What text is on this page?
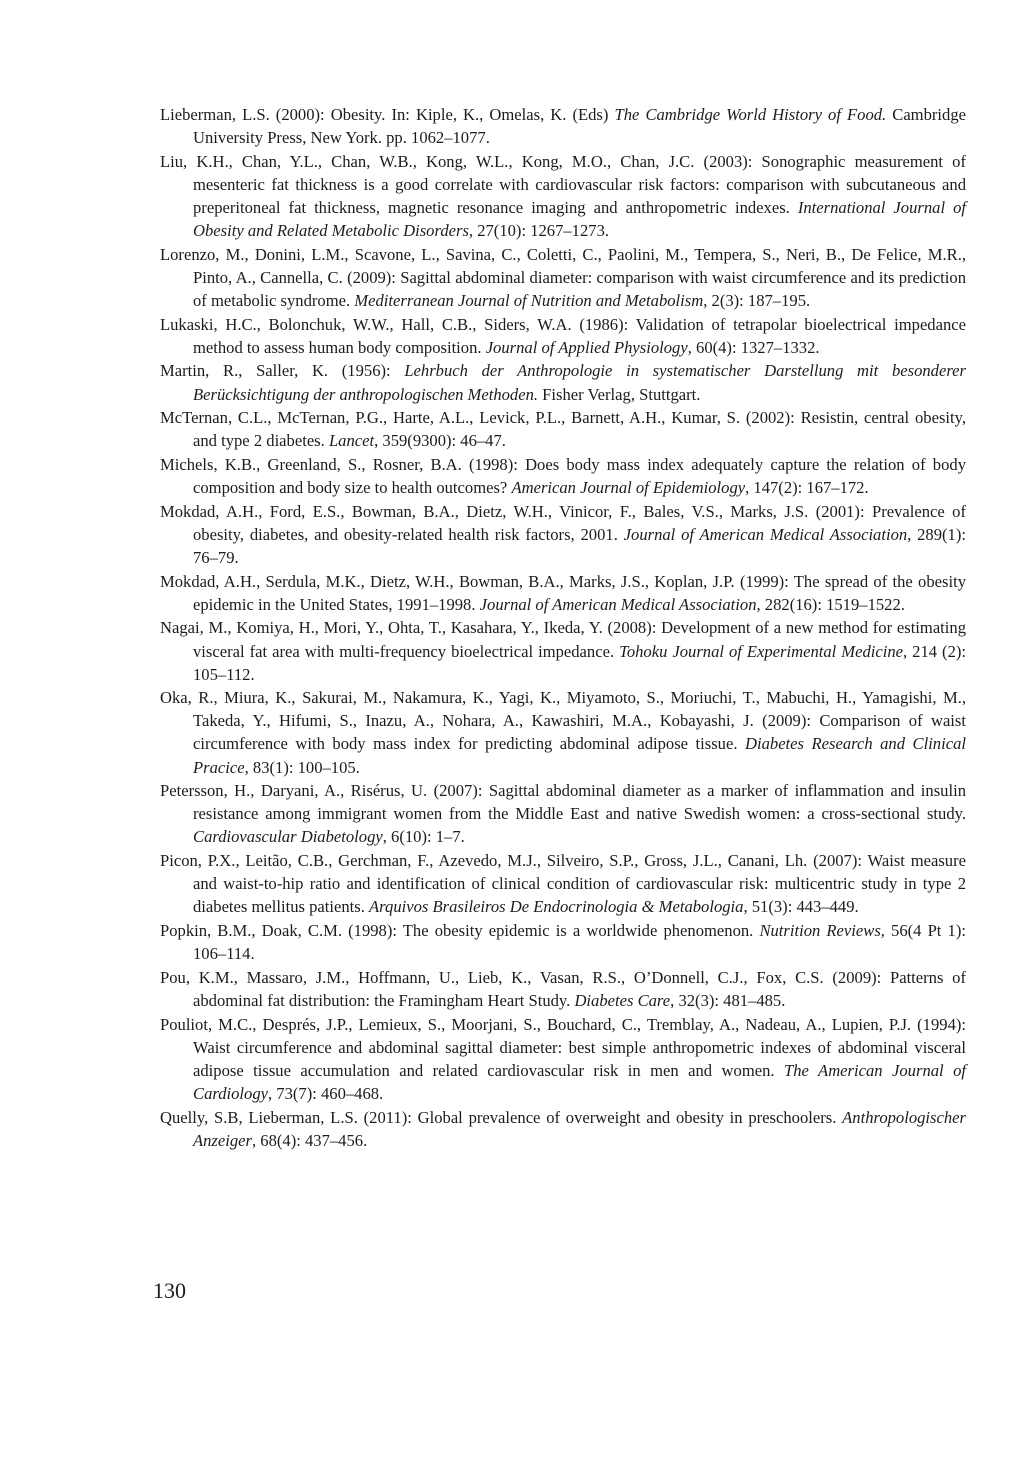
Lieberman, L.S. (2000): Obesity. In: Kiple, K., Omelas, K. (Eds) The Cambridge World History of Food. Cambridge University Press, New York. pp. 1062–1077.

Liu, K.H., Chan, Y.L., Chan, W.B., Kong, W.L., Kong, M.O., Chan, J.C. (2003): Sonographic measurement of mesenteric fat thickness is a good correlate with cardiovascular risk factors: comparison with subcutaneous and preperitoneal fat thickness, magnetic resonance imaging and anthropometric indexes. International Journal of Obesity and Related Metabolic Disorders, 27(10): 1267–1273.

Lorenzo, M., Donini, L.M., Scavone, L., Savina, C., Coletti, C., Paolini, M., Tempera, S., Neri, B., De Felice, M.R., Pinto, A., Cannella, C. (2009): Sagittal abdominal diameter: comparison with waist circumference and its prediction of metabolic syndrome. Mediterranean Journal of Nutrition and Metabolism, 2(3): 187–195.

Lukaski, H.C., Bolonchuk, W.W., Hall, C.B., Siders, W.A. (1986): Validation of tetrapolar bioelectrical impedance method to assess human body composition. Journal of Applied Physiology, 60(4): 1327–1332.

Martin, R., Saller, K. (1956): Lehrbuch der Anthropologie in systematischer Darstellung mit besonderer Berücksichtigung der anthropologischen Methoden. Fisher Verlag, Stuttgart.

McTernan, C.L., McTernan, P.G., Harte, A.L., Levick, P.L., Barnett, A.H., Kumar, S. (2002): Resistin, central obesity, and type 2 diabetes. Lancet, 359(9300): 46–47.

Michels, K.B., Greenland, S., Rosner, B.A. (1998): Does body mass index adequately capture the relation of body composition and body size to health outcomes? American Journal of Epidemiology, 147(2): 167–172.

Mokdad, A.H., Ford, E.S., Bowman, B.A., Dietz, W.H., Vinicor, F., Bales, V.S., Marks, J.S. (2001): Prevalence of obesity, diabetes, and obesity-related health risk factors, 2001. Journal of American Medical Association, 289(1): 76–79.

Mokdad, A.H., Serdula, M.K., Dietz, W.H., Bowman, B.A., Marks, J.S., Koplan, J.P. (1999): The spread of the obesity epidemic in the United States, 1991–1998. Journal of American Medical Association, 282(16): 1519–1522.

Nagai, M., Komiya, H., Mori, Y., Ohta, T., Kasahara, Y., Ikeda, Y. (2008): Development of a new method for estimating visceral fat area with multi-frequency bioelectrical impedance. Tohoku Journal of Experimental Medicine, 214 (2): 105–112.

Oka, R., Miura, K., Sakurai, M., Nakamura, K., Yagi, K., Miyamoto, S., Moriuchi, T., Mabuchi, H., Yamagishi, M., Takeda, Y., Hifumi, S., Inazu, A., Nohara, A., Kawashiri, M.A., Kobayashi, J. (2009): Comparison of waist circumference with body mass index for predicting abdominal adipose tissue. Diabetes Research and Clinical Pracice, 83(1): 100–105.

Petersson, H., Daryani, A., Risérus, U. (2007): Sagittal abdominal diameter as a marker of inflammation and insulin resistance among immigrant women from the Middle East and native Swedish women: a cross-sectional study. Cardiovascular Diabetology, 6(10): 1–7.

Picon, P.X., Leitão, C.B., Gerchman, F., Azevedo, M.J., Silveiro, S.P., Gross, J.L., Canani, Lh. (2007): Waist measure and waist-to-hip ratio and identification of clinical condition of cardiovascular risk: multicentric study in type 2 diabetes mellitus patients. Arquivos Brasileiros De Endocrinologia & Metabologia, 51(3): 443–449.

Popkin, B.M., Doak, C.M. (1998): The obesity epidemic is a worldwide phenomenon. Nutrition Reviews, 56(4 Pt 1): 106–114.

Pou, K.M., Massaro, J.M., Hoffmann, U., Lieb, K., Vasan, R.S., O’Donnell, C.J., Fox, C.S. (2009): Patterns of abdominal fat distribution: the Framingham Heart Study. Diabetes Care, 32(3): 481–485.

Pouliot, M.C., Després, J.P., Lemieux, S., Moorjani, S., Bouchard, C., Tremblay, A., Nadeau, A., Lupien, P.J. (1994): Waist circumference and abdominal sagittal diameter: best simple anthropometric indexes of abdominal visceral adipose tissue accumulation and related cardiovascular risk in men and women. The American Journal of Cardiology, 73(7): 460–468.

Quelly, S.B, Lieberman, L.S. (2011): Global prevalence of overweight and obesity in preschoolers. Anthropologischer Anzeiger, 68(4): 437–456.

130
